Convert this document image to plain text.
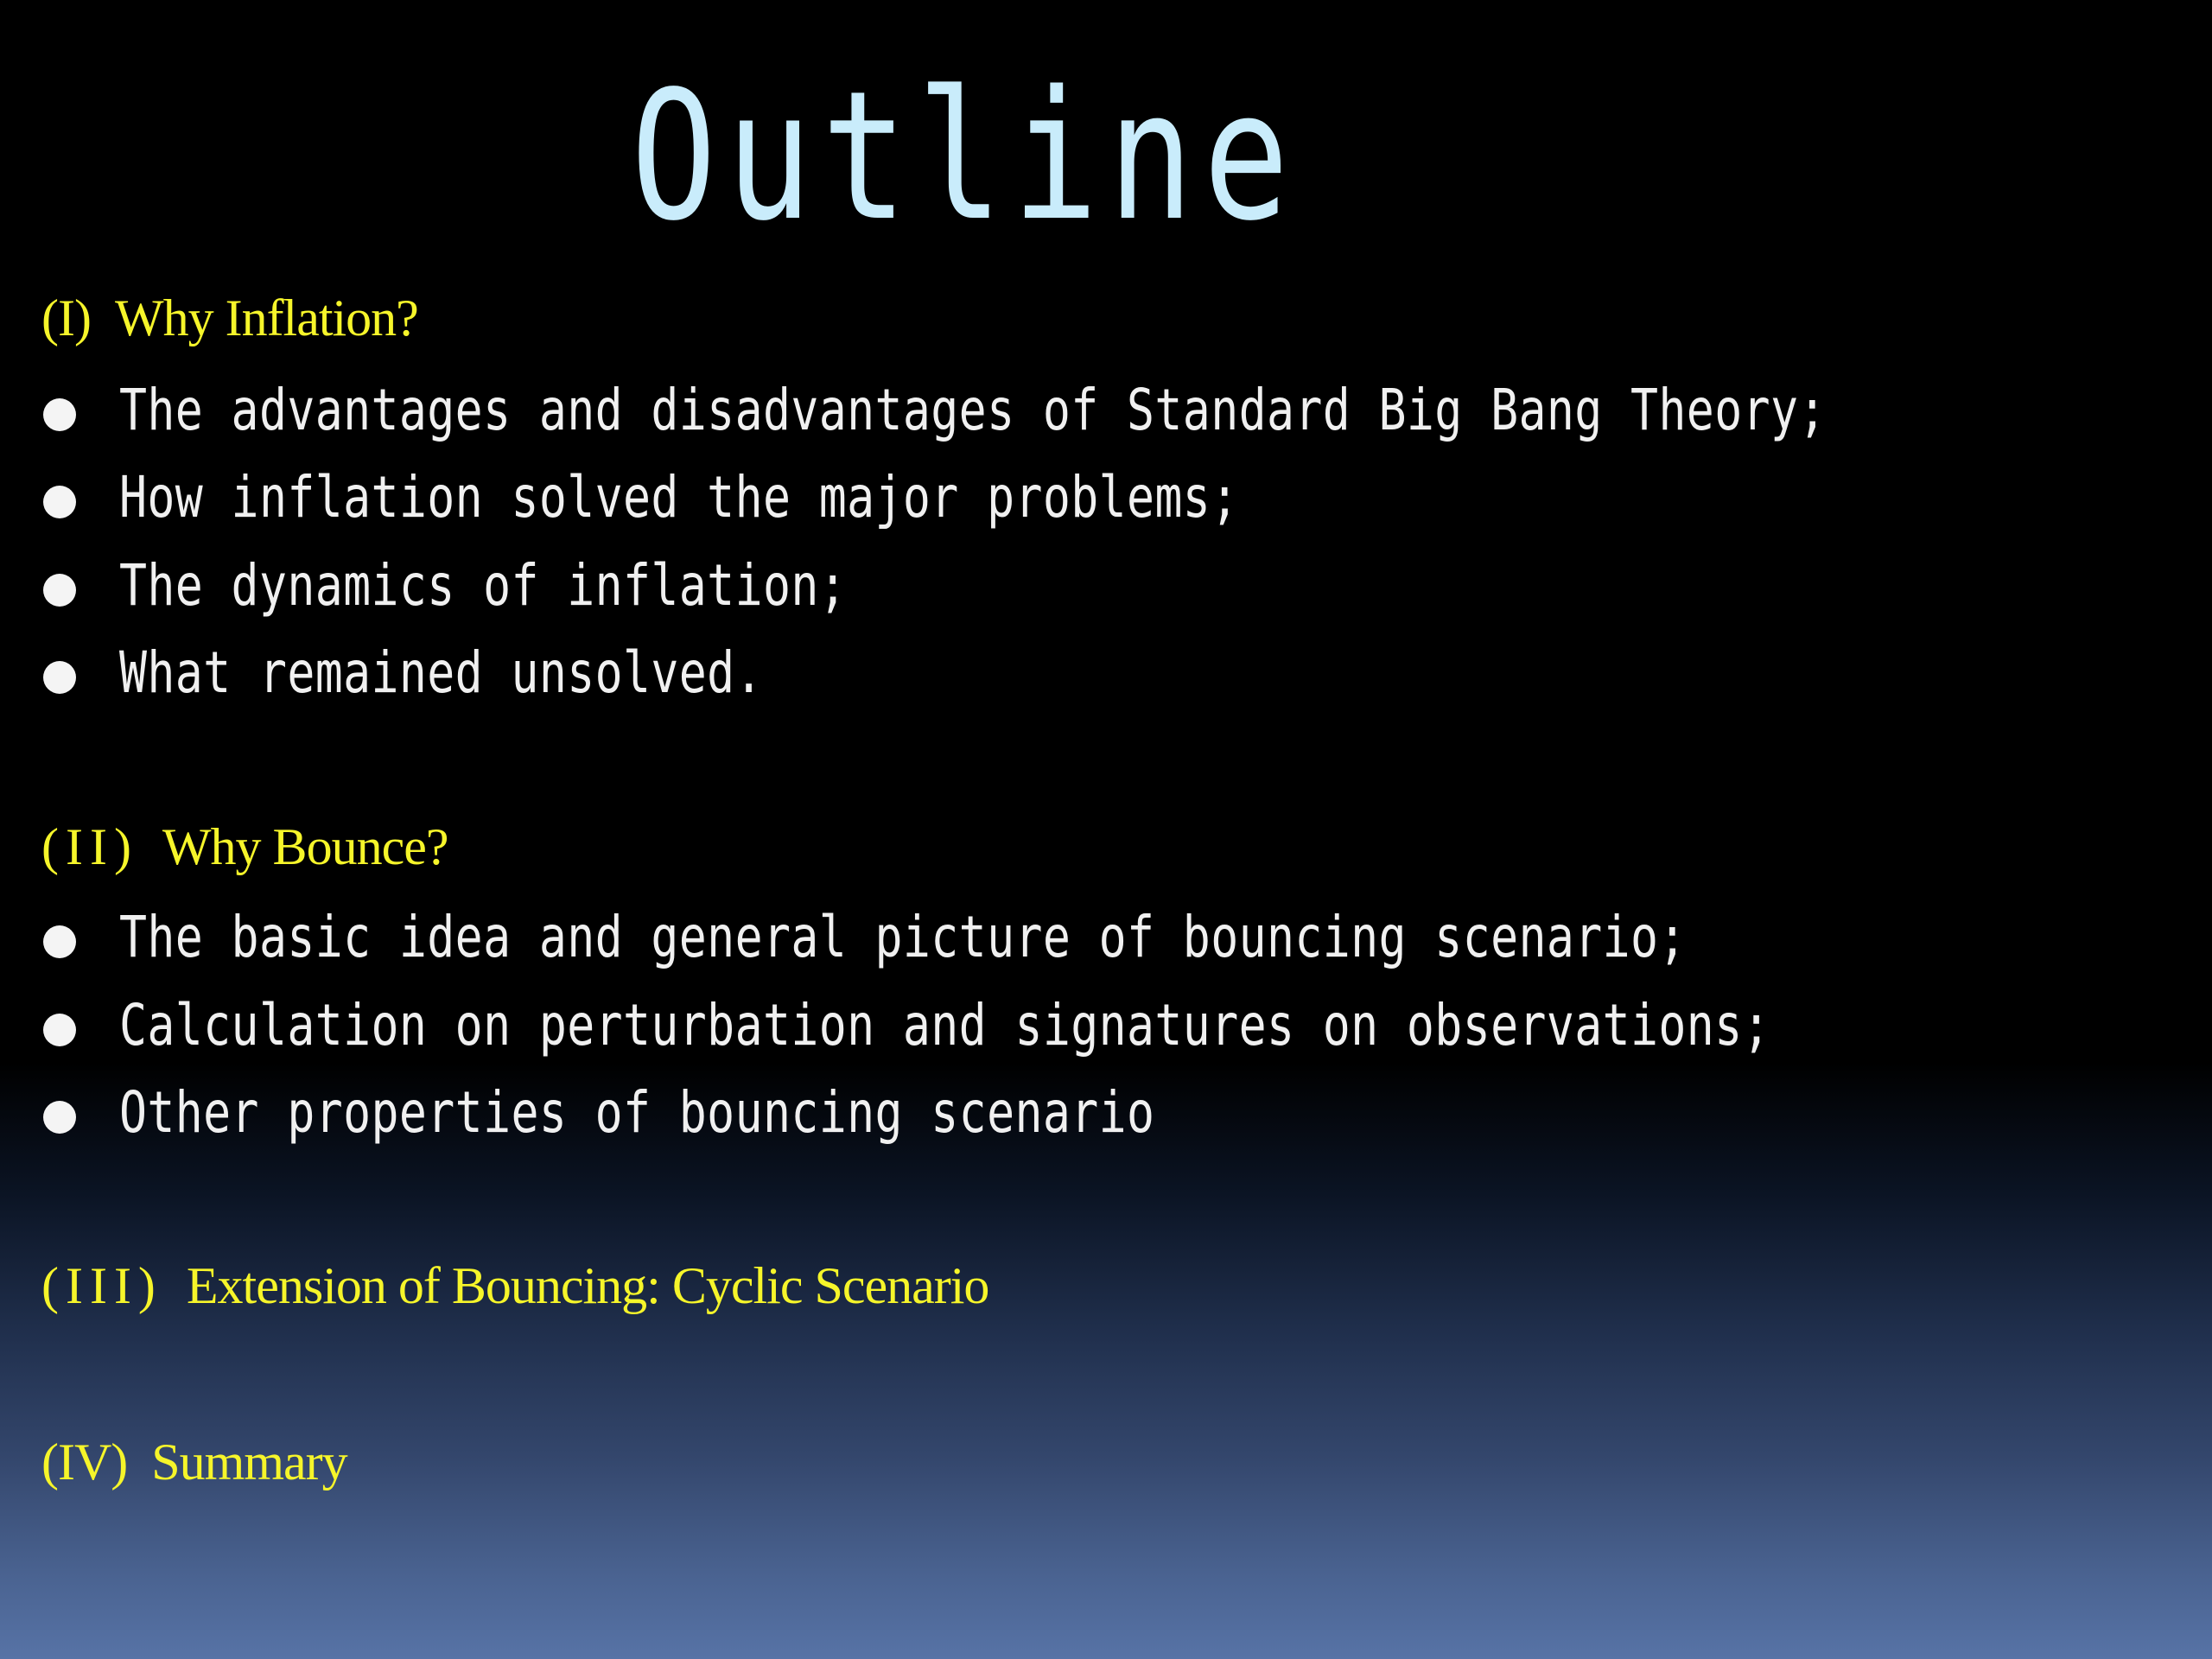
Outline
(I) Why Inflation?
The advantages and disadvantages of Standard Big Bang Theory;
How inflation solved the major problems;
The dynamics of inflation;
What remained unsolved.
(II) Why Bounce?
The basic idea and general picture of bouncing scenario;
Calculation on perturbation and signatures on observations;
Other properties of bouncing scenario
(III) Extension of Bouncing: Cyclic Scenario
(IV) Summary
